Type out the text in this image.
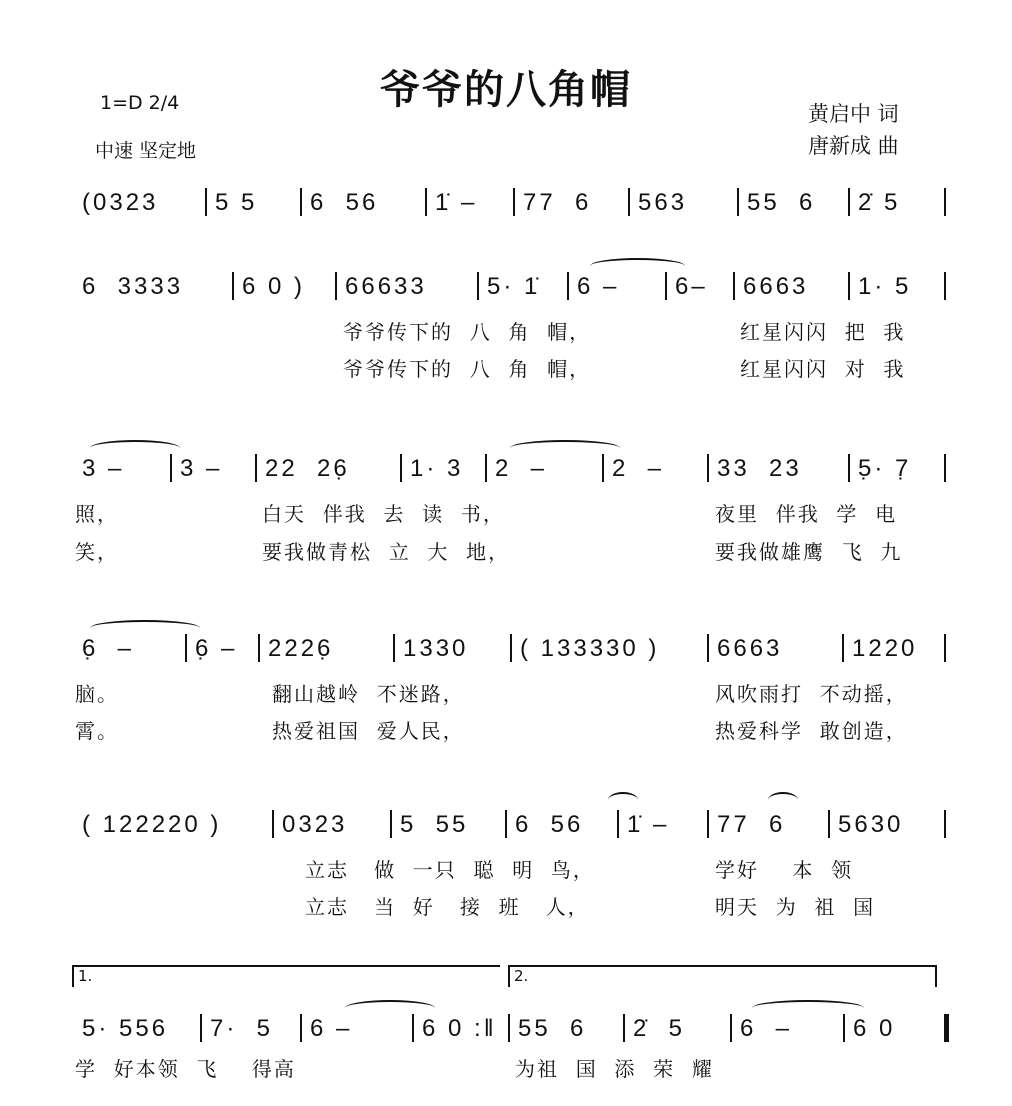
爷爷的八角帽
1=D 2/4
中速 坚定地
黄启中 词
唐新成 曲
(0323	5 5	6  56	1̇ –	77  6	563	55  6	2̇ 5
6  3333	6 0 )	66633	5· 1̇	6 –	6–	6663	1· 5
爷爷传下的  八  角  帽，	红星闪闪  把  我
爷爷传下的  八  角  帽，	红星闪闪  对  我
3 –	3 –	22  26̣	1· 3	2  –	2  –	33  23	5̣· 7̣
照，	白天  伴我  去  读  书，	夜里  伴我  学  电
笑，	要我做青松  立  大  地，	要我做雄鹰  飞  九
6̣  –	6̣ –	2226̣	1330	( 133330 )	6663	1220
脑。	翻山越岭  不迷路，	风吹雨打  不动摇，
霄。	热爱祖国  爱人民，	热爱科学  敢创造，
( 122220 )	0323	5  55	6  56	1̇ –	77  6	5630
立志   做  一只  聪  明  鸟，	学好    本  领
立志   当  好   接  班   人，	明天  为  祖  国
5· 556	7·  5	6 –	6 0 :‖ 55  6	2̇  5	6  –	6 0
学  好本领  飞    得高	为祖  国  添  荣  耀
1.	2.
